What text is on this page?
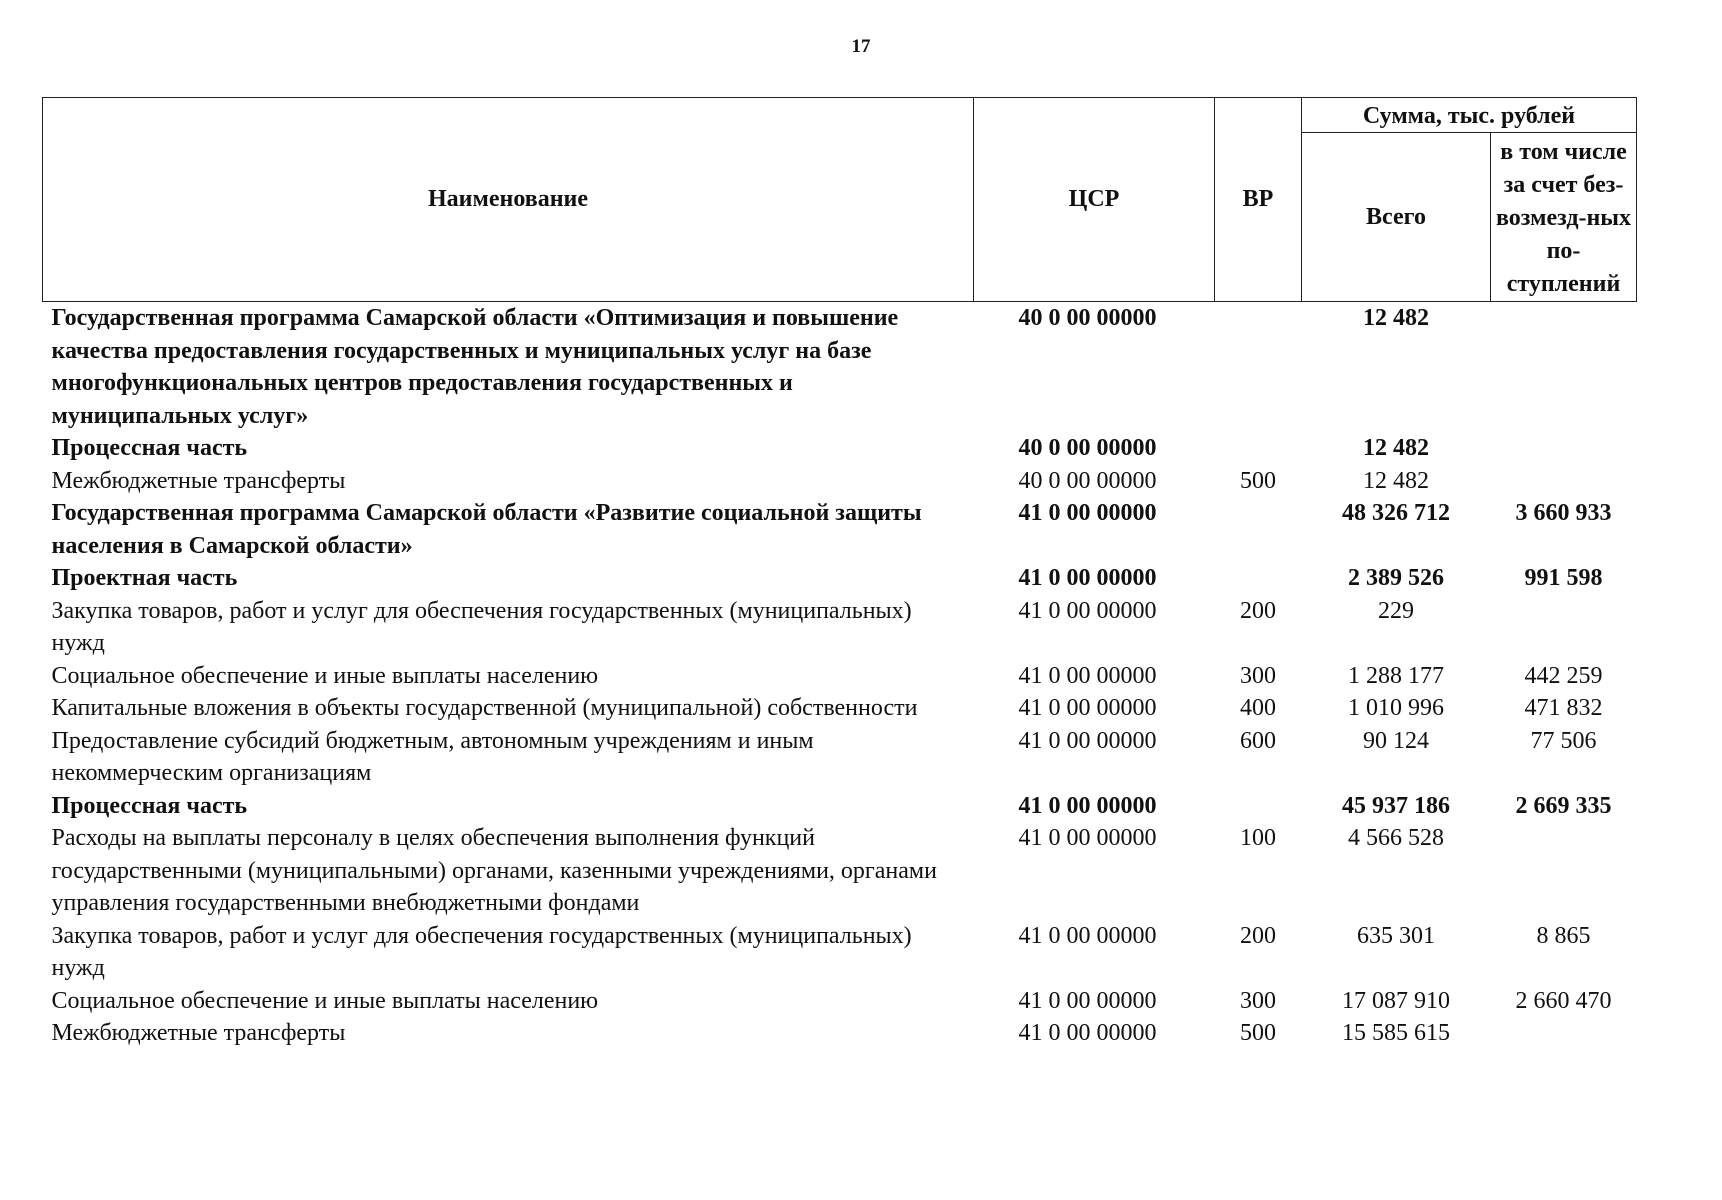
17
Наименование	ЦСР	ВР	Сумма, тыс. рублей	
			Всего	в том числе за счет без-возмезд-ных по-ступлений
Государственная программа Самарской области «Оптимизация и повышение качества предоставления государственных и муниципальных услуг на базе многофункциональных центров предоставления государственных и муниципальных услуг»	40 0 00 00000		12 482	
Процессная часть	40 0 00 00000		12 482	
Межбюджетные трансферты	40 0 00 00000	500	12 482	
Государственная программа Самарской области «Развитие социальной защиты населения в Самарской области»	41 0 00 00000		48 326 712	3 660 933
Проектная часть	41 0 00 00000		2 389 526	991 598
Закупка товаров, работ и услуг для обеспечения государственных (муниципальных) нужд	41 0 00 00000	200	229	
Социальное обеспечение и иные выплаты населению	41 0 00 00000	300	1 288 177	442 259
Капитальные вложения в объекты государственной (муниципальной) собственности	41 0 00 00000	400	1 010 996	471 832
Предоставление субсидий бюджетным, автономным учреждениям и иным некоммерческим организациям	41 0 00 00000	600	90 124	77 506
Процессная часть	41 0 00 00000		45 937 186	2 669 335
Расходы на выплаты персоналу в целях обеспечения выполнения функций государственными (муниципальными) органами, казенными учреждениями, органами управления государственными внебюджетными фондами	41 0 00 00000	100	4 566 528	
Закупка товаров, работ и услуг для обеспечения государственных (муниципальных) нужд	41 0 00 00000	200	635 301	8 865
Социальное обеспечение и иные выплаты населению	41 0 00 00000	300	17 087 910	2 660 470
Межбюджетные трансферты	41 0 00 00000	500	15 585 615	
